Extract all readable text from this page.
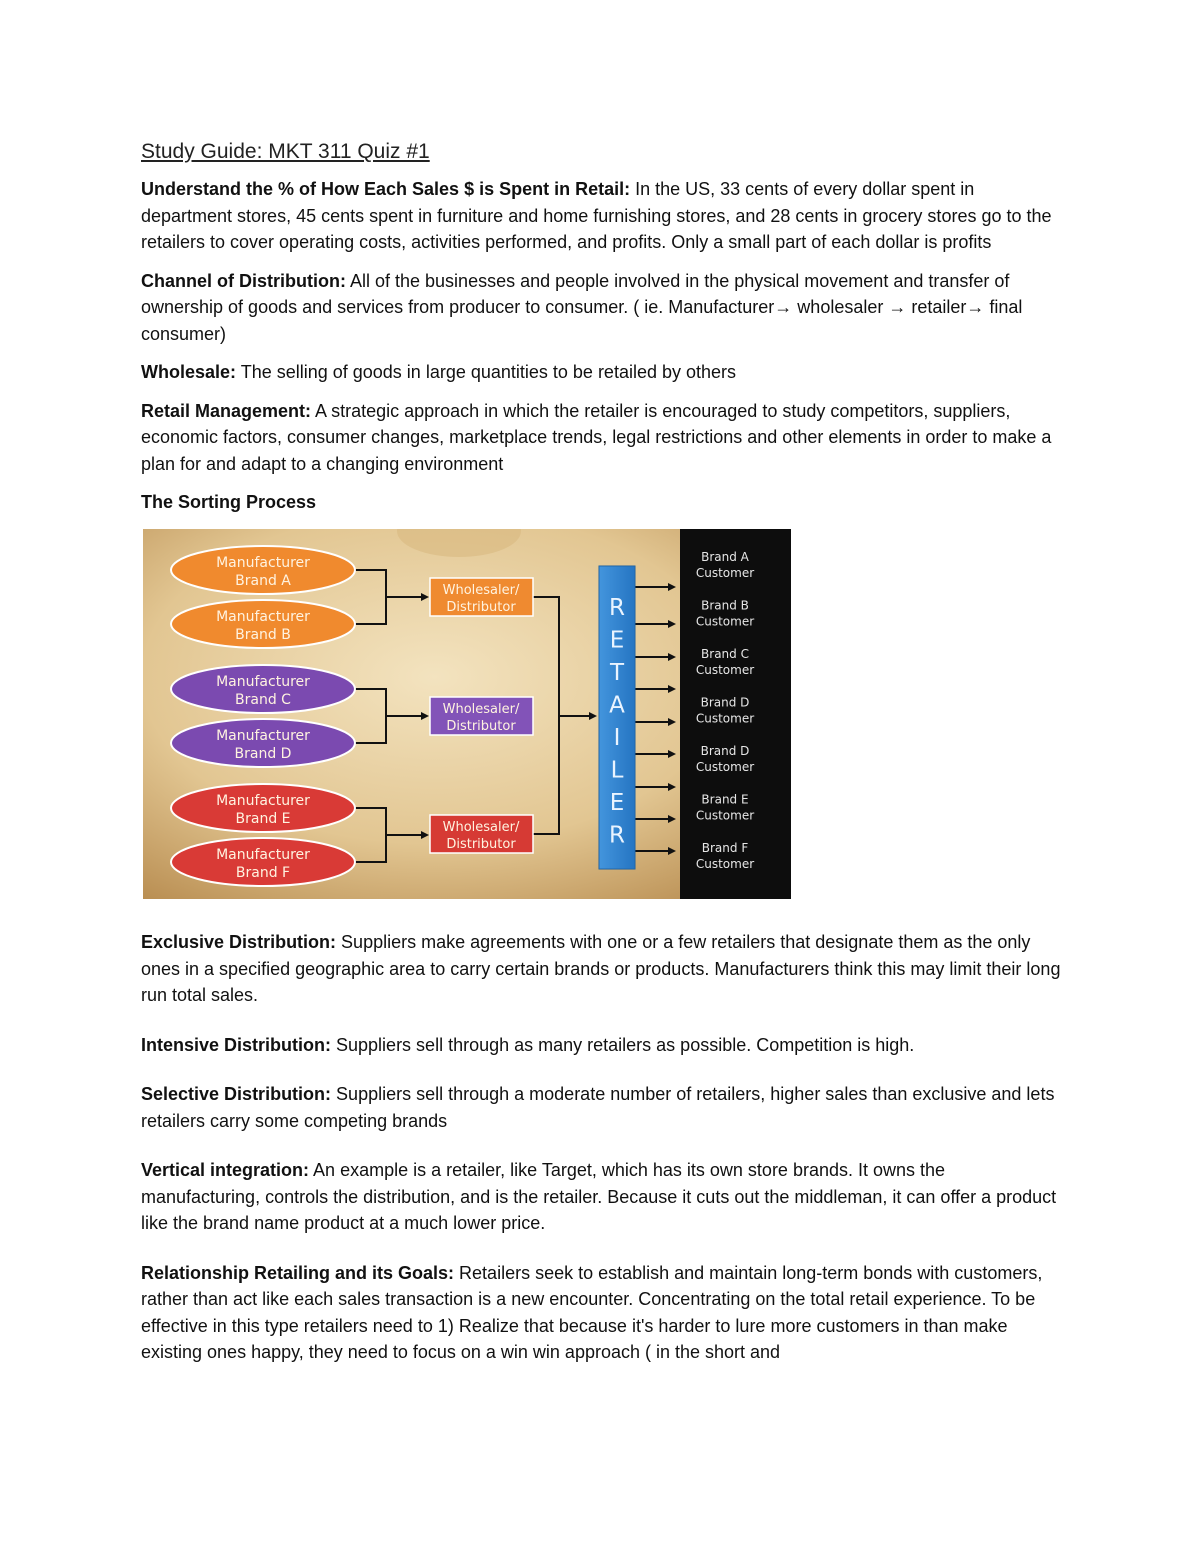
Study Guide: MKT 311 Quiz #1

Understand the % of How Each Sales $ is Spent in Retail: In the US, 33 cents of every dollar spent in department stores, 45 cents spent in furniture and home furnishing stores, and 28 cents in grocery stores go to the retailers to cover operating costs, activities performed, and profits. Only a small part of each dollar is profits

Channel of Distribution: All of the businesses and people involved in the physical movement and transfer of ownership of goods and services from producer to consumer. ( ie. Manufacturer→ wholesaler → retailer→ final consumer)

Wholesale: The selling of goods in large quantities to be retailed by others

Retail Management: A strategic approach in which the retailer is encouraged to study competitors, suppliers, economic factors, consumer changes, marketplace trends, legal restrictions and other elements in order to make a plan for and adapt to a changing environment

The Sorting Process
Manufacturer
Brand A
Manufacturer
Brand B
Manufacturer
Brand C
Manufacturer
Brand D
Manufacturer
Brand E
Manufacturer
Brand F
Wholesaler/
Distributor
Wholesaler/
Distributor
Wholesaler/
Distributor
R
E
T
A
I
L
E
R
Brand A
Customer
Brand B
Customer
Brand C
Customer
Brand D
Customer
Brand D
Customer
Brand E
Customer
Brand F
Customer

Exclusive Distribution: Suppliers make agreements with one or a few retailers that designate them as the only ones in a specified geographic area to carry certain brands or products. Manufacturers think this may limit their long run total sales.

Intensive Distribution: Suppliers sell through as many retailers as possible. Competition is high.

Selective Distribution: Suppliers sell through a moderate number of retailers, higher sales than exclusive and lets retailers carry some competing brands

Vertical integration: An example is a retailer, like Target, which has its own store brands. It owns the manufacturing, controls the distribution, and is the retailer. Because it cuts out the middleman, it can offer a product like the brand name product at a much lower price.

Relationship Retailing and its Goals: Retailers seek to establish and maintain long-term bonds with customers, rather than act like each sales transaction is a new encounter. Concentrating on the total retail experience. To be effective in this type retailers need to 1) Realize that because it's harder to lure more customers in than make existing ones happy, they need to focus on a win win approach ( in the short and
